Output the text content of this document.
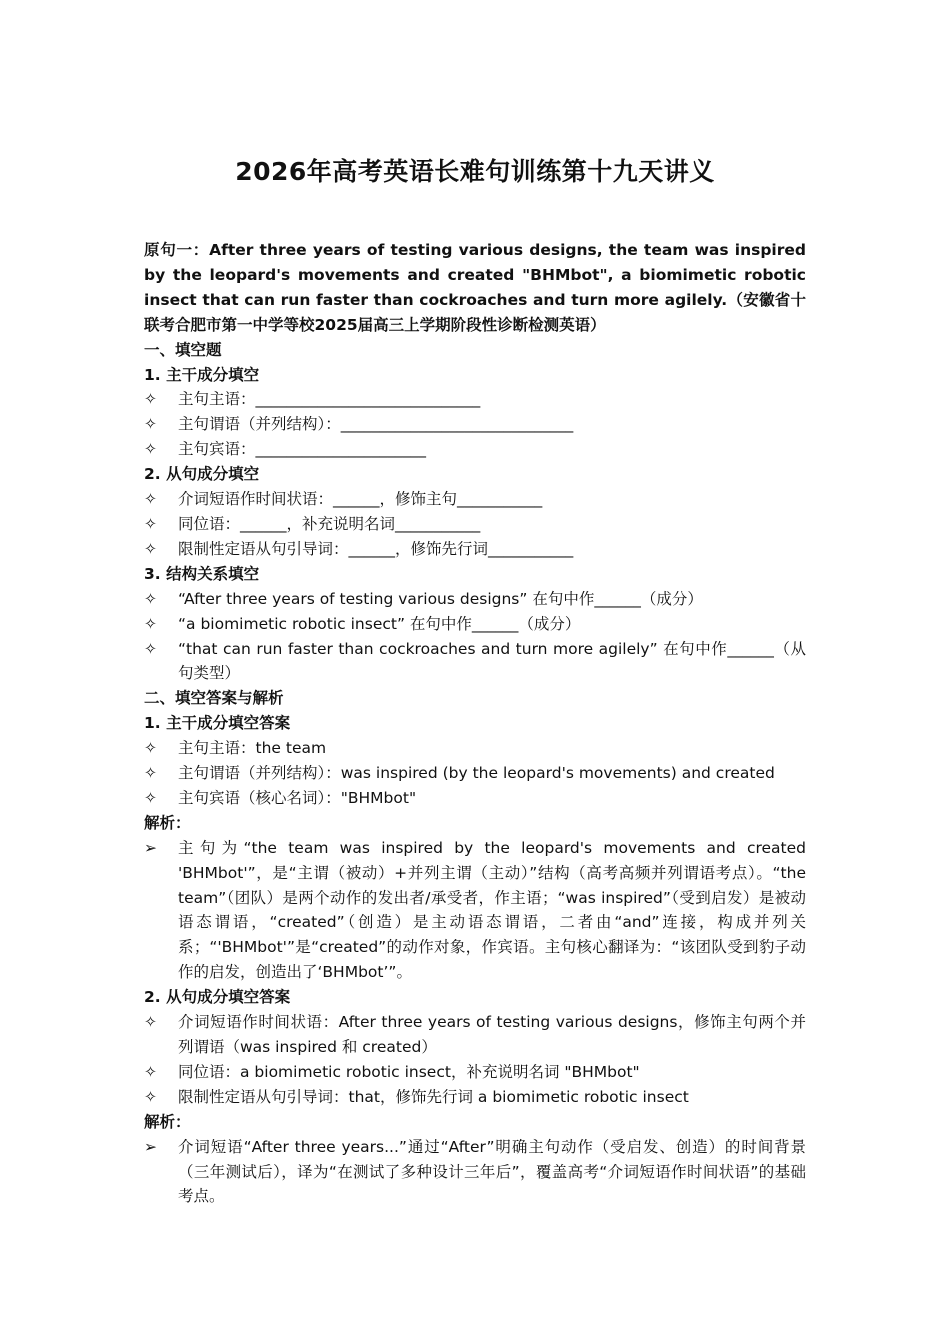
2026年高考英语长难句训练第十九天讲义
原句一：After three years of testing various designs, the team was inspired by the leopard's movements and created "BHMbot", a biomimetic robotic insect that can run faster than cockroaches and turn more agilely.（安徽省十联考合肥市第一中学等校2025届高三上学期阶段性诊断检测英语）
一、填空题
1. 主干成分填空
✧	主句主语：_____________________________
✧	主句谓语（并列结构）：______________________________
✧	主句宾语：______________________
2. 从句成分填空
✧	介词短语作时间状语：______，修饰主句___________
✧	同位语：______，补充说明名词___________
✧	限制性定语从句引导词：______，修饰先行词___________
3. 结构关系填空
✧	“After three years of testing various designs” 在句中作______（成分）
✧	“a biomimetic robotic insect” 在句中作______（成分）
✧	“that can run faster than cockroaches and turn more agilely” 在句中作______（从句类型）
二、填空答案与解析
1. 主干成分填空答案
✧	主句主语：the team
✧	主句谓语（并列结构）：was inspired (by the leopard's movements) and created
✧	主句宾语（核心名词）："BHMbot"
解析：
➢	主句为“the team was inspired by the leopard's movements and created 'BHMbot'”，是“主谓（被动）+并列主谓（主动）”结构（高考高频并列谓语考点）。“the team”（团队）是两个动作的发出者/承受者，作主语；“was inspired”（受到启发）是被动语态谓语，“created”（创造）是主动语态谓语，二者由“and”连接，构成并列关系；“'BHMbot'”是“created”的动作对象，作宾语。主句核心翻译为：“该团队受到豹子动作的启发，创造出了‘BHMbot’”。
2. 从句成分填空答案
✧	介词短语作时间状语：After three years of testing various designs，修饰主句两个并列谓语（was inspired 和 created）
✧	同位语：a biomimetic robotic insect，补充说明名词 "BHMbot"
✧	限制性定语从句引导词：that，修饰先行词 a biomimetic robotic insect
解析：
➢	介词短语“After three years...”通过“After”明确主句动作（受启发、创造）的时间背景（三年测试后），译为“在测试了多种设计三年后”，覆盖高考“介词短语作时间状语”的基础考点。
